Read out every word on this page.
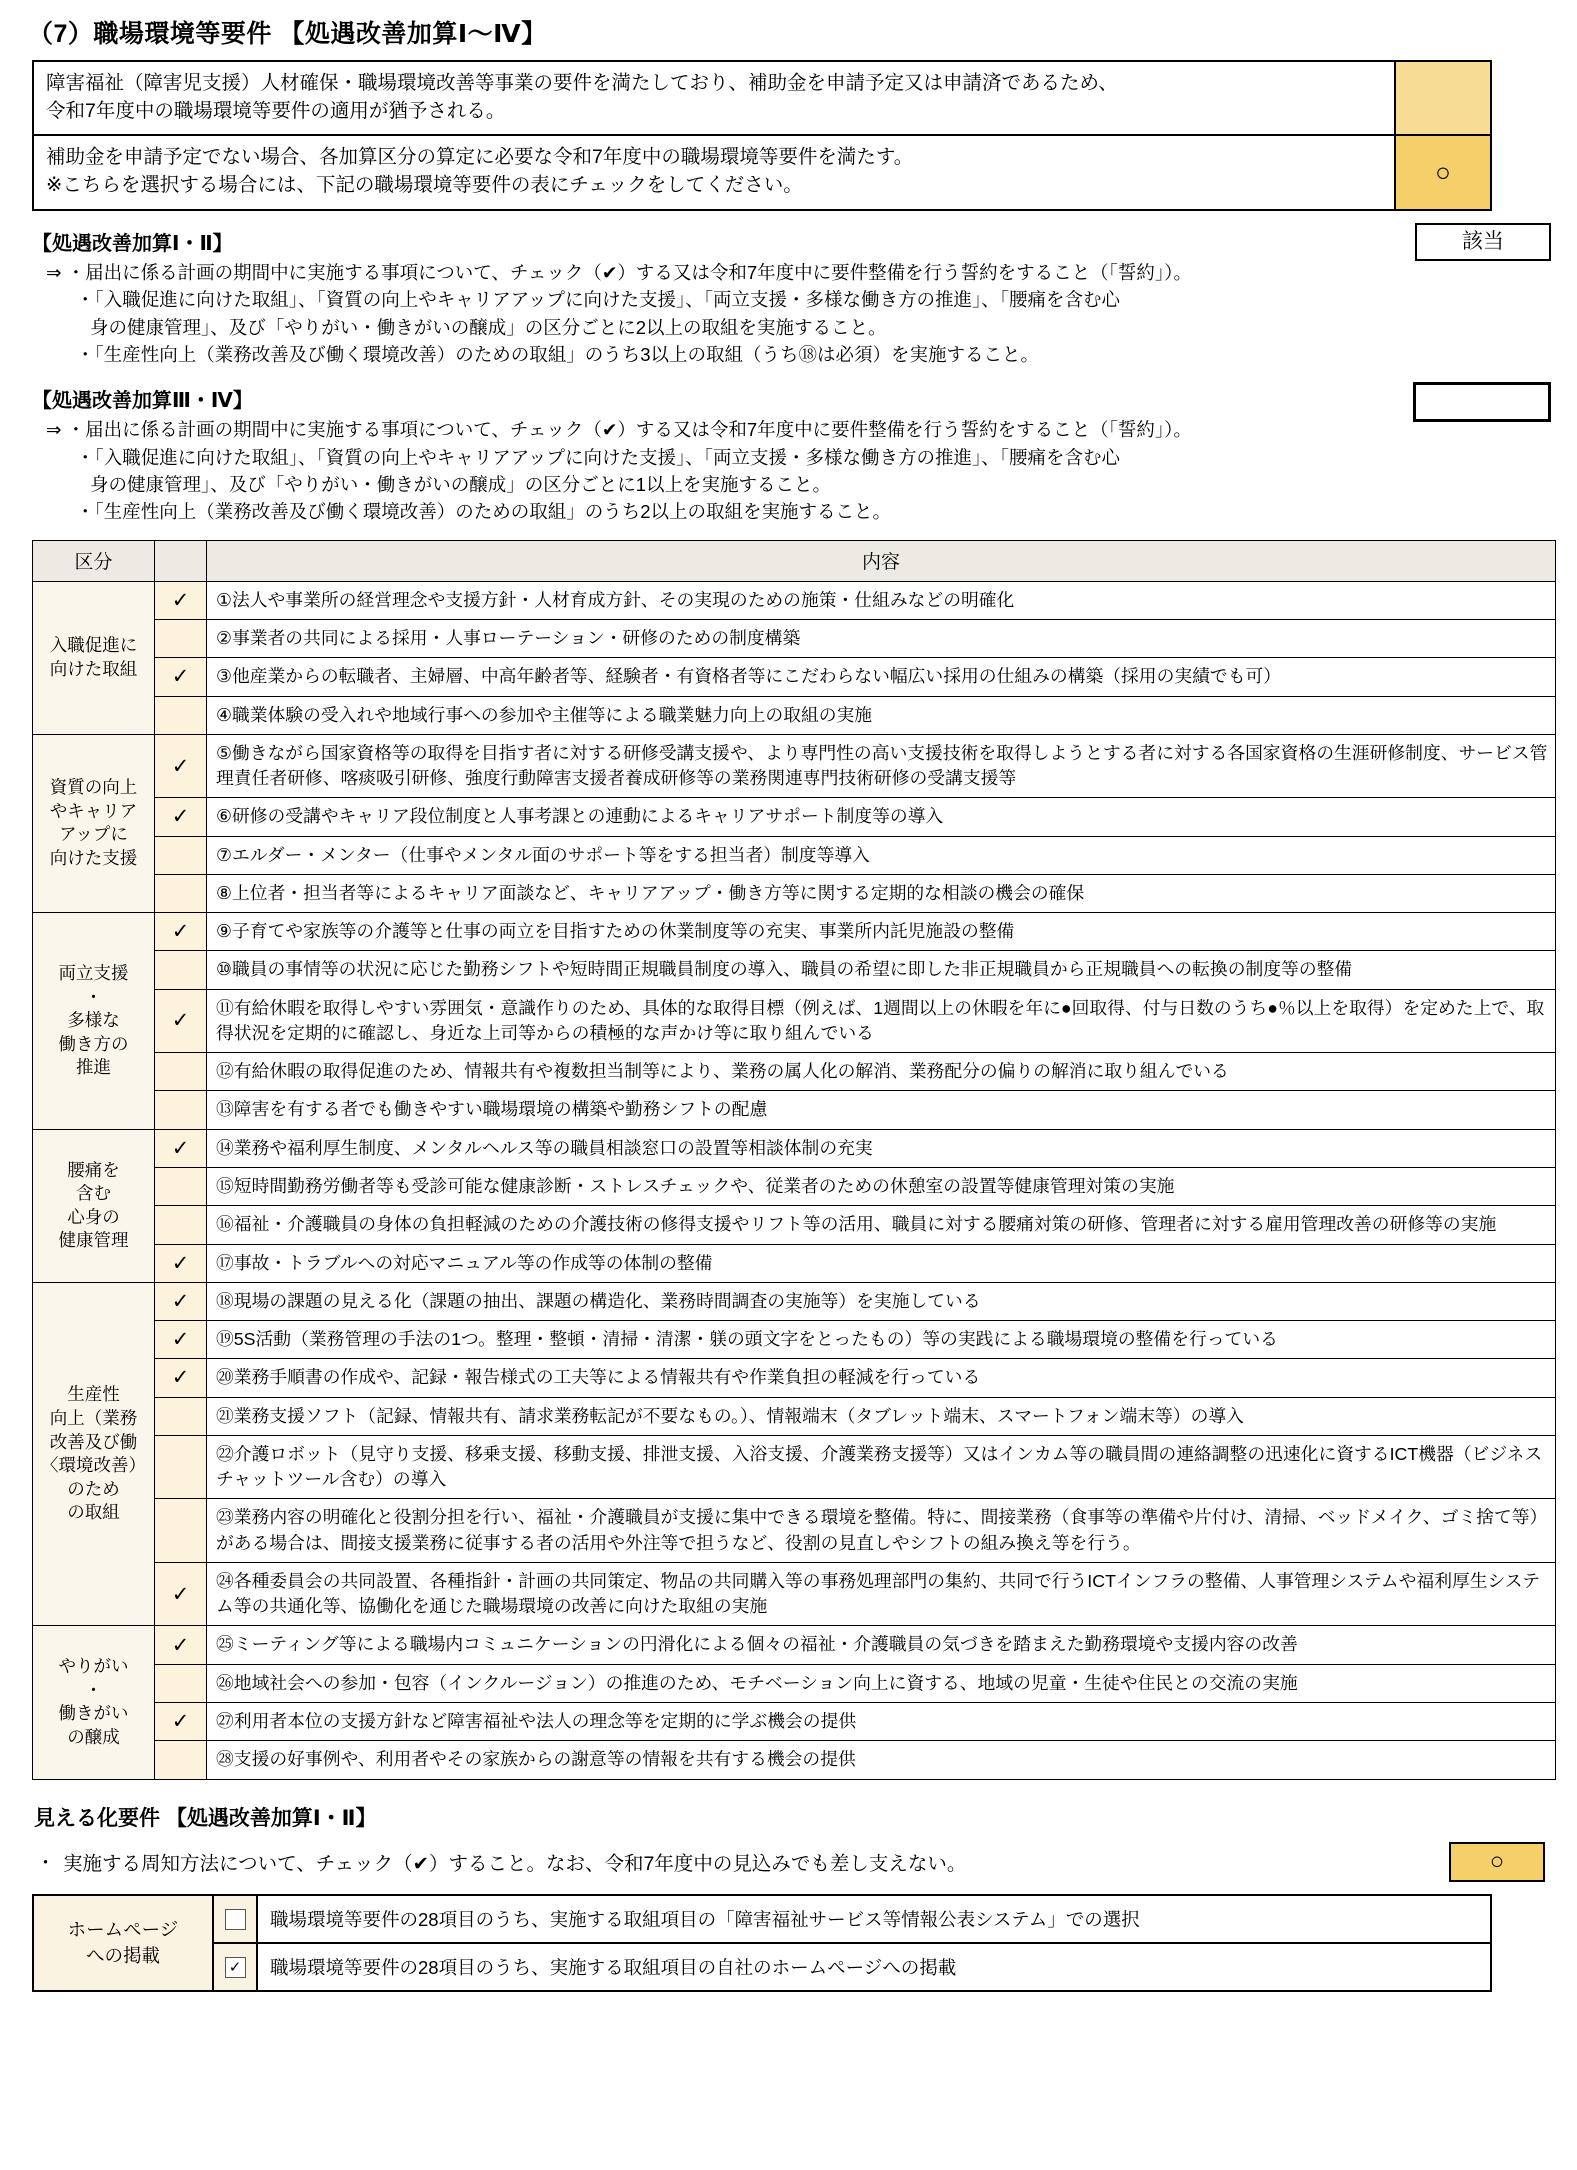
（7）職場環境等要件 【処遇改善加算Ⅰ～Ⅳ】
障害福祉（障害児支援）人材確保・職場環境改善等事業の要件を満たしており、補助金を申請予定又は申請済であるため、
令和7年度中の職場環境等要件の適用が猶予される。	
補助金を申請予定でない場合、各加算区分の算定に必要な令和7年度中の職場環境等要件を満たす。
※こちらを選択する場合には、下記の職場環境等要件の表にチェックをしてください。	○
該当
【処遇改善加算Ⅰ・Ⅱ】
⇒ ・届出に係る計画の期間中に実施する事項について、チェック（✔）する又は令和7年度中に要件整備を行う誓約をすること（「誓約」）。
・「入職促進に向けた取組」、「資質の向上やキャリアアップに向けた支援」、「両立支援・多様な働き方の推進」、「腰痛を含む心
身の健康管理」、及び「やりがい・働きがいの醸成」の区分ごとに2以上の取組を実施すること。
・「生産性向上（業務改善及び働く環境改善）のための取組」のうち3以上の取組（うち⑱は必須）を実施すること。
【処遇改善加算Ⅲ・Ⅳ】
⇒ ・届出に係る計画の期間中に実施する事項について、チェック（✔）する又は令和7年度中に要件整備を行う誓約をすること（「誓約」）。
・「入職促進に向けた取組」、「資質の向上やキャリアアップに向けた支援」、「両立支援・多様な働き方の推進」、「腰痛を含む心
身の健康管理」、及び「やりがい・働きがいの醸成」の区分ごとに1以上を実施すること。
・「生産性向上（業務改善及び働く環境改善）のための取組」のうち2以上の取組を実施すること。
区分		内容
入職促進に
向けた取組	✓	①法人や事業所の経営理念や支援方針・人材育成方針、その実現のための施策・仕組みなどの明確化
		②事業者の共同による採用・人事ローテーション・研修のための制度構築
	✓	③他産業からの転職者、主婦層、中高年齢者等、経験者・有資格者等にこだわらない幅広い採用の仕組みの構築（採用の実績でも可）
		④職業体験の受入れや地域行事への参加や主催等による職業魅力向上の取組の実施
資質の向上
やキャリア
アップに
向けた支援	✓	⑤働きながら国家資格等の取得を目指す者に対する研修受講支援や、より専門性の高い支援技術を取得しようとする者に対する各国家資格の生涯研修制度、サービス管理責任者研修、喀痰吸引研修、強度行動障害支援者養成研修等の業務関連専門技術研修の受講支援等
	✓	⑥研修の受講やキャリア段位制度と人事考課との連動によるキャリアサポート制度等の導入
		⑦エルダー・メンター（仕事やメンタル面のサポート等をする担当者）制度等導入
		⑧上位者・担当者等によるキャリア面談など、キャリアアップ・働き方等に関する定期的な相談の機会の確保
両立支援
・
多様な
働き方の
推進	✓	⑨子育てや家族等の介護等と仕事の両立を目指すための休業制度等の充実、事業所内託児施設の整備
		⑩職員の事情等の状況に応じた勤務シフトや短時間正規職員制度の導入、職員の希望に即した非正規職員から正規職員への転換の制度等の整備
	✓	⑪有給休暇を取得しやすい雰囲気・意識作りのため、具体的な取得目標（例えば、1週間以上の休暇を年に●回取得、付与日数のうち●％以上を取得）を定めた上で、取得状況を定期的に確認し、身近な上司等からの積極的な声かけ等に取り組んでいる
		⑫有給休暇の取得促進のため、情報共有や複数担当制等により、業務の属人化の解消、業務配分の偏りの解消に取り組んでいる
		⑬障害を有する者でも働きやすい職場環境の構築や勤務シフトの配慮
腰痛を
含む
心身の
健康管理	✓	⑭業務や福利厚生制度、メンタルヘルス等の職員相談窓口の設置等相談体制の充実
		⑮短時間勤務労働者等も受診可能な健康診断・ストレスチェックや、従業者のための休憩室の設置等健康管理対策の実施
		⑯福祉・介護職員の身体の負担軽減のための介護技術の修得支援やリフト等の活用、職員に対する腰痛対策の研修、管理者に対する雇用管理改善の研修等の実施
	✓	⑰事故・トラブルへの対応マニュアル等の作成等の体制の整備
生産性
向上（業務
改善及び働
〈環境改善）
のため
の取組	✓	⑱現場の課題の見える化（課題の抽出、課題の構造化、業務時間調査の実施等）を実施している
	✓	⑲5S活動（業務管理の手法の1つ。整理・整頓・清掃・清潔・躾の頭文字をとったもの）等の実践による職場環境の整備を行っている
	✓	⑳業務手順書の作成や、記録・報告様式の工夫等による情報共有や作業負担の軽減を行っている
		㉑業務支援ソフト（記録、情報共有、請求業務転記が不要なもの。）、情報端末（タブレット端末、スマートフォン端末等）の導入
		㉒介護ロボット（見守り支援、移乗支援、移動支援、排泄支援、入浴支援、介護業務支援等）又はインカム等の職員間の連絡調整の迅速化に資するICT機器（ビジネスチャットツール含む）の導入
		㉓業務内容の明確化と役割分担を行い、福祉・介護職員が支援に集中できる環境を整備。特に、間接業務（食事等の準備や片付け、清掃、ベッドメイク、ゴミ捨て等）がある場合は、間接支援業務に従事する者の活用や外注等で担うなど、役割の見直しやシフトの組み換え等を行う。
	✓	㉔各種委員会の共同設置、各種指針・計画の共同策定、物品の共同購入等の事務処理部門の集約、共同で行うICTインフラの整備、人事管理システムや福利厚生システム等の共通化等、協働化を通じた職場環境の改善に向けた取組の実施
やりがい
・
働きがい
の醸成	✓	㉕ミーティング等による職場内コミュニケーションの円滑化による個々の福祉・介護職員の気づきを踏まえた勤務環境や支援内容の改善
		㉖地域社会への参加・包容（インクルージョン）の推進のため、モチベーション向上に資する、地域の児童・生徒や住民との交流の実施
	✓	㉗利用者本位の支援方針など障害福祉や法人の理念等を定期的に学ぶ機会の提供
		㉘支援の好事例や、利用者やその家族からの謝意等の情報を共有する機会の提供
見える化要件 【処遇改善加算Ⅰ・Ⅱ】
・ 実施する周知方法について、チェック（✔）すること。なお、令和7年度中の見込みでも差し支えない。	○
ホームページ
への掲載		職場環境等要件の28項目のうち、実施する取組項目の「障害福祉サービス等情報公表システム」での選択
	✓	職場環境等要件の28項目のうち、実施する取組項目の自社のホームページへの掲載
